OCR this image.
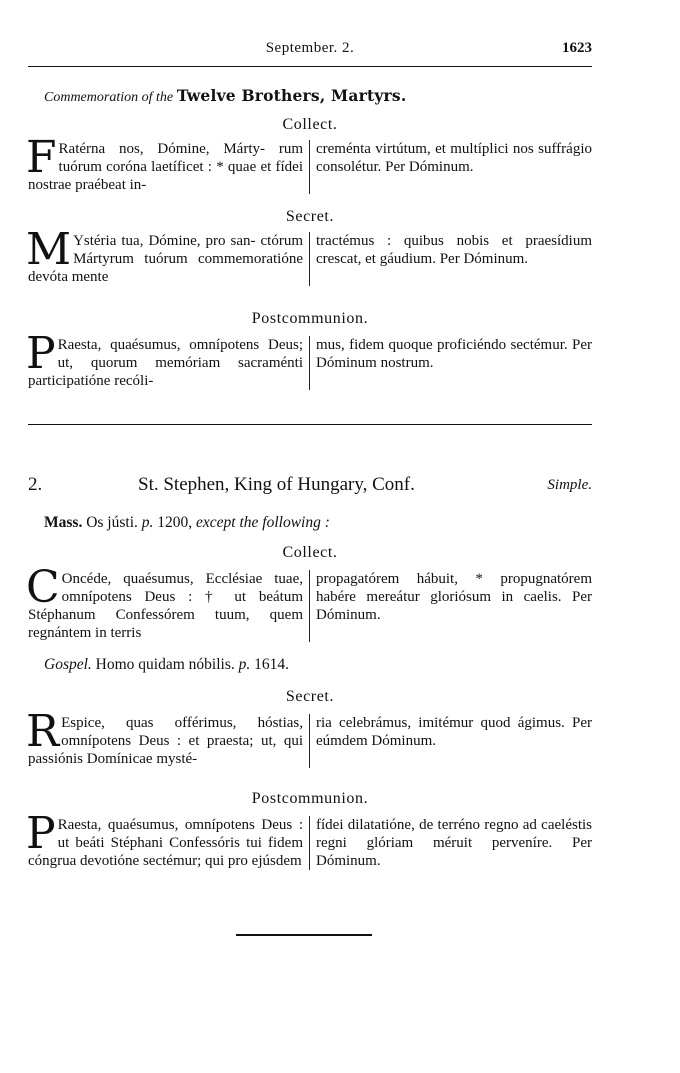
September. 2.	1623
Commemoration of the Twelve Brothers, Martyrs.
Collect.
F Ratérna nos, Dómine, Márty- rum tuórum coróna laetíficet : * quae et fídei nostrae praébeat in-
creménta virtútum, et multíplici nos suffrágio consolétur. Per Dóminum.
Secret.
M Ystéria tua, Dómine, pro san- ctórum Mártyrum tuórum commemoratióne devóta mente
tractémus : quibus nobis et praesídium crescat, et gáudium. Per Dóminum.
Postcommunion.
P Raesta, quaésumus, omnípotens Deus; ut, quorum memóriam sacraménti participatióne recóli-
mus, fidem quoque proficiéndo sectémur. Per Dóminum nostrum.
2.	St. Stephen, King of Hungary, Conf.	Simple.
Mass. Os jústi. p. 1200, except the following :
Collect.
C Oncéde, quaésumus, Ecclésiae tuae, omnípotens Deus : † ut beátum Stéphanum Confessórem tuum, quem regnántem in terris
propagatórem hábuit, * propugnatórem habére mereátur gloriósum in caelis. Per Dóminum.
Gospel. Homo quidam nóbilis. p. 1614.
Secret.
R Espice, quas offérimus, hóstias, omnípotens Deus : et praesta; ut, qui passiónis Domínicae mysté-
ria celebrámus, imitémur quod ágimus. Per eúmdem Dóminum.
Postcommunion.
P Raesta, quaésumus, omnípotens Deus : ut beáti Stéphani Confessóris tui fidem cóngrua devotióne sectémur; qui pro ejúsdem
fídei dilatatióne, de terréno regno ad caeléstis regni glóriam méruit perveníre. Per Dóminum.
